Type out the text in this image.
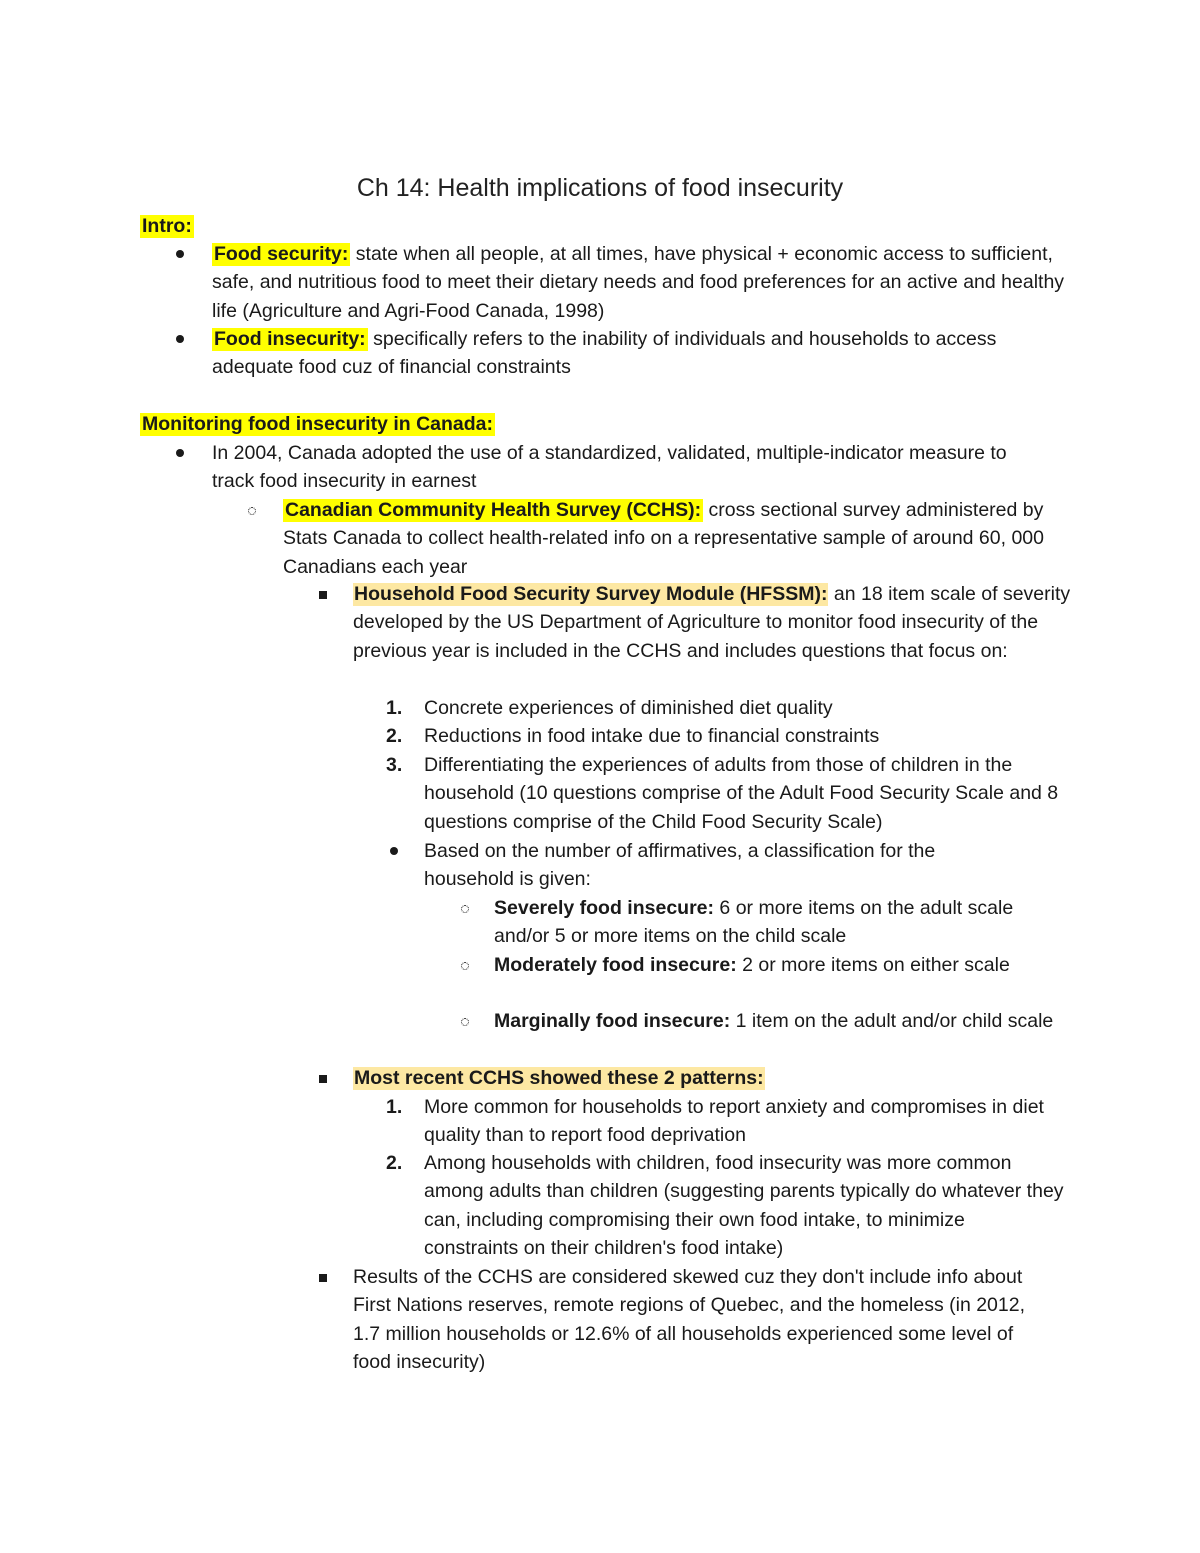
Ch 14: Health implications of food insecurity
Intro:
Food security: state when all people, at all times, have physical + economic access to sufficient, safe, and nutritious food to meet their dietary needs and food preferences for an active and healthy life (Agriculture and Agri-Food Canada, 1998)
Food insecurity: specifically refers to the inability of individuals and households to access adequate food cuz of financial constraints
Monitoring food insecurity in Canada:
In 2004, Canada adopted the use of a standardized, validated, multiple-indicator measure to track food insecurity in earnest
Canadian Community Health Survey (CCHS): cross sectional survey administered by Stats Canada to collect health-related info on a representative sample of around 60, 000 Canadians each year
Household Food Security Survey Module (HFSSM): an 18 item scale of severity developed by the US Department of Agriculture to monitor food insecurity of the previous year is included in the CCHS and includes questions that focus on:
1. Concrete experiences of diminished diet quality
2. Reductions in food intake due to financial constraints
3. Differentiating the experiences of adults from those of children in the household (10 questions comprise of the Adult Food Security Scale and 8 questions comprise of the Child Food Security Scale)
Based on the number of affirmatives, a classification for the household is given:
Severely food insecure: 6 or more items on the adult scale and/or 5 or more items on the child scale
Moderately food insecure: 2 or more items on either scale
Marginally food insecure: 1 item on the adult and/or child scale
Most recent CCHS showed these 2 patterns:
1. More common for households to report anxiety and compromises in diet quality than to report food deprivation
2. Among households with children, food insecurity was more common among adults than children (suggesting parents typically do whatever they can, including compromising their own food intake, to minimize constraints on their children's food intake)
Results of the CCHS are considered skewed cuz they don't include info about First Nations reserves, remote regions of Quebec, and the homeless (in 2012, 1.7 million households or 12.6% of all households experienced some level of food insecurity)
